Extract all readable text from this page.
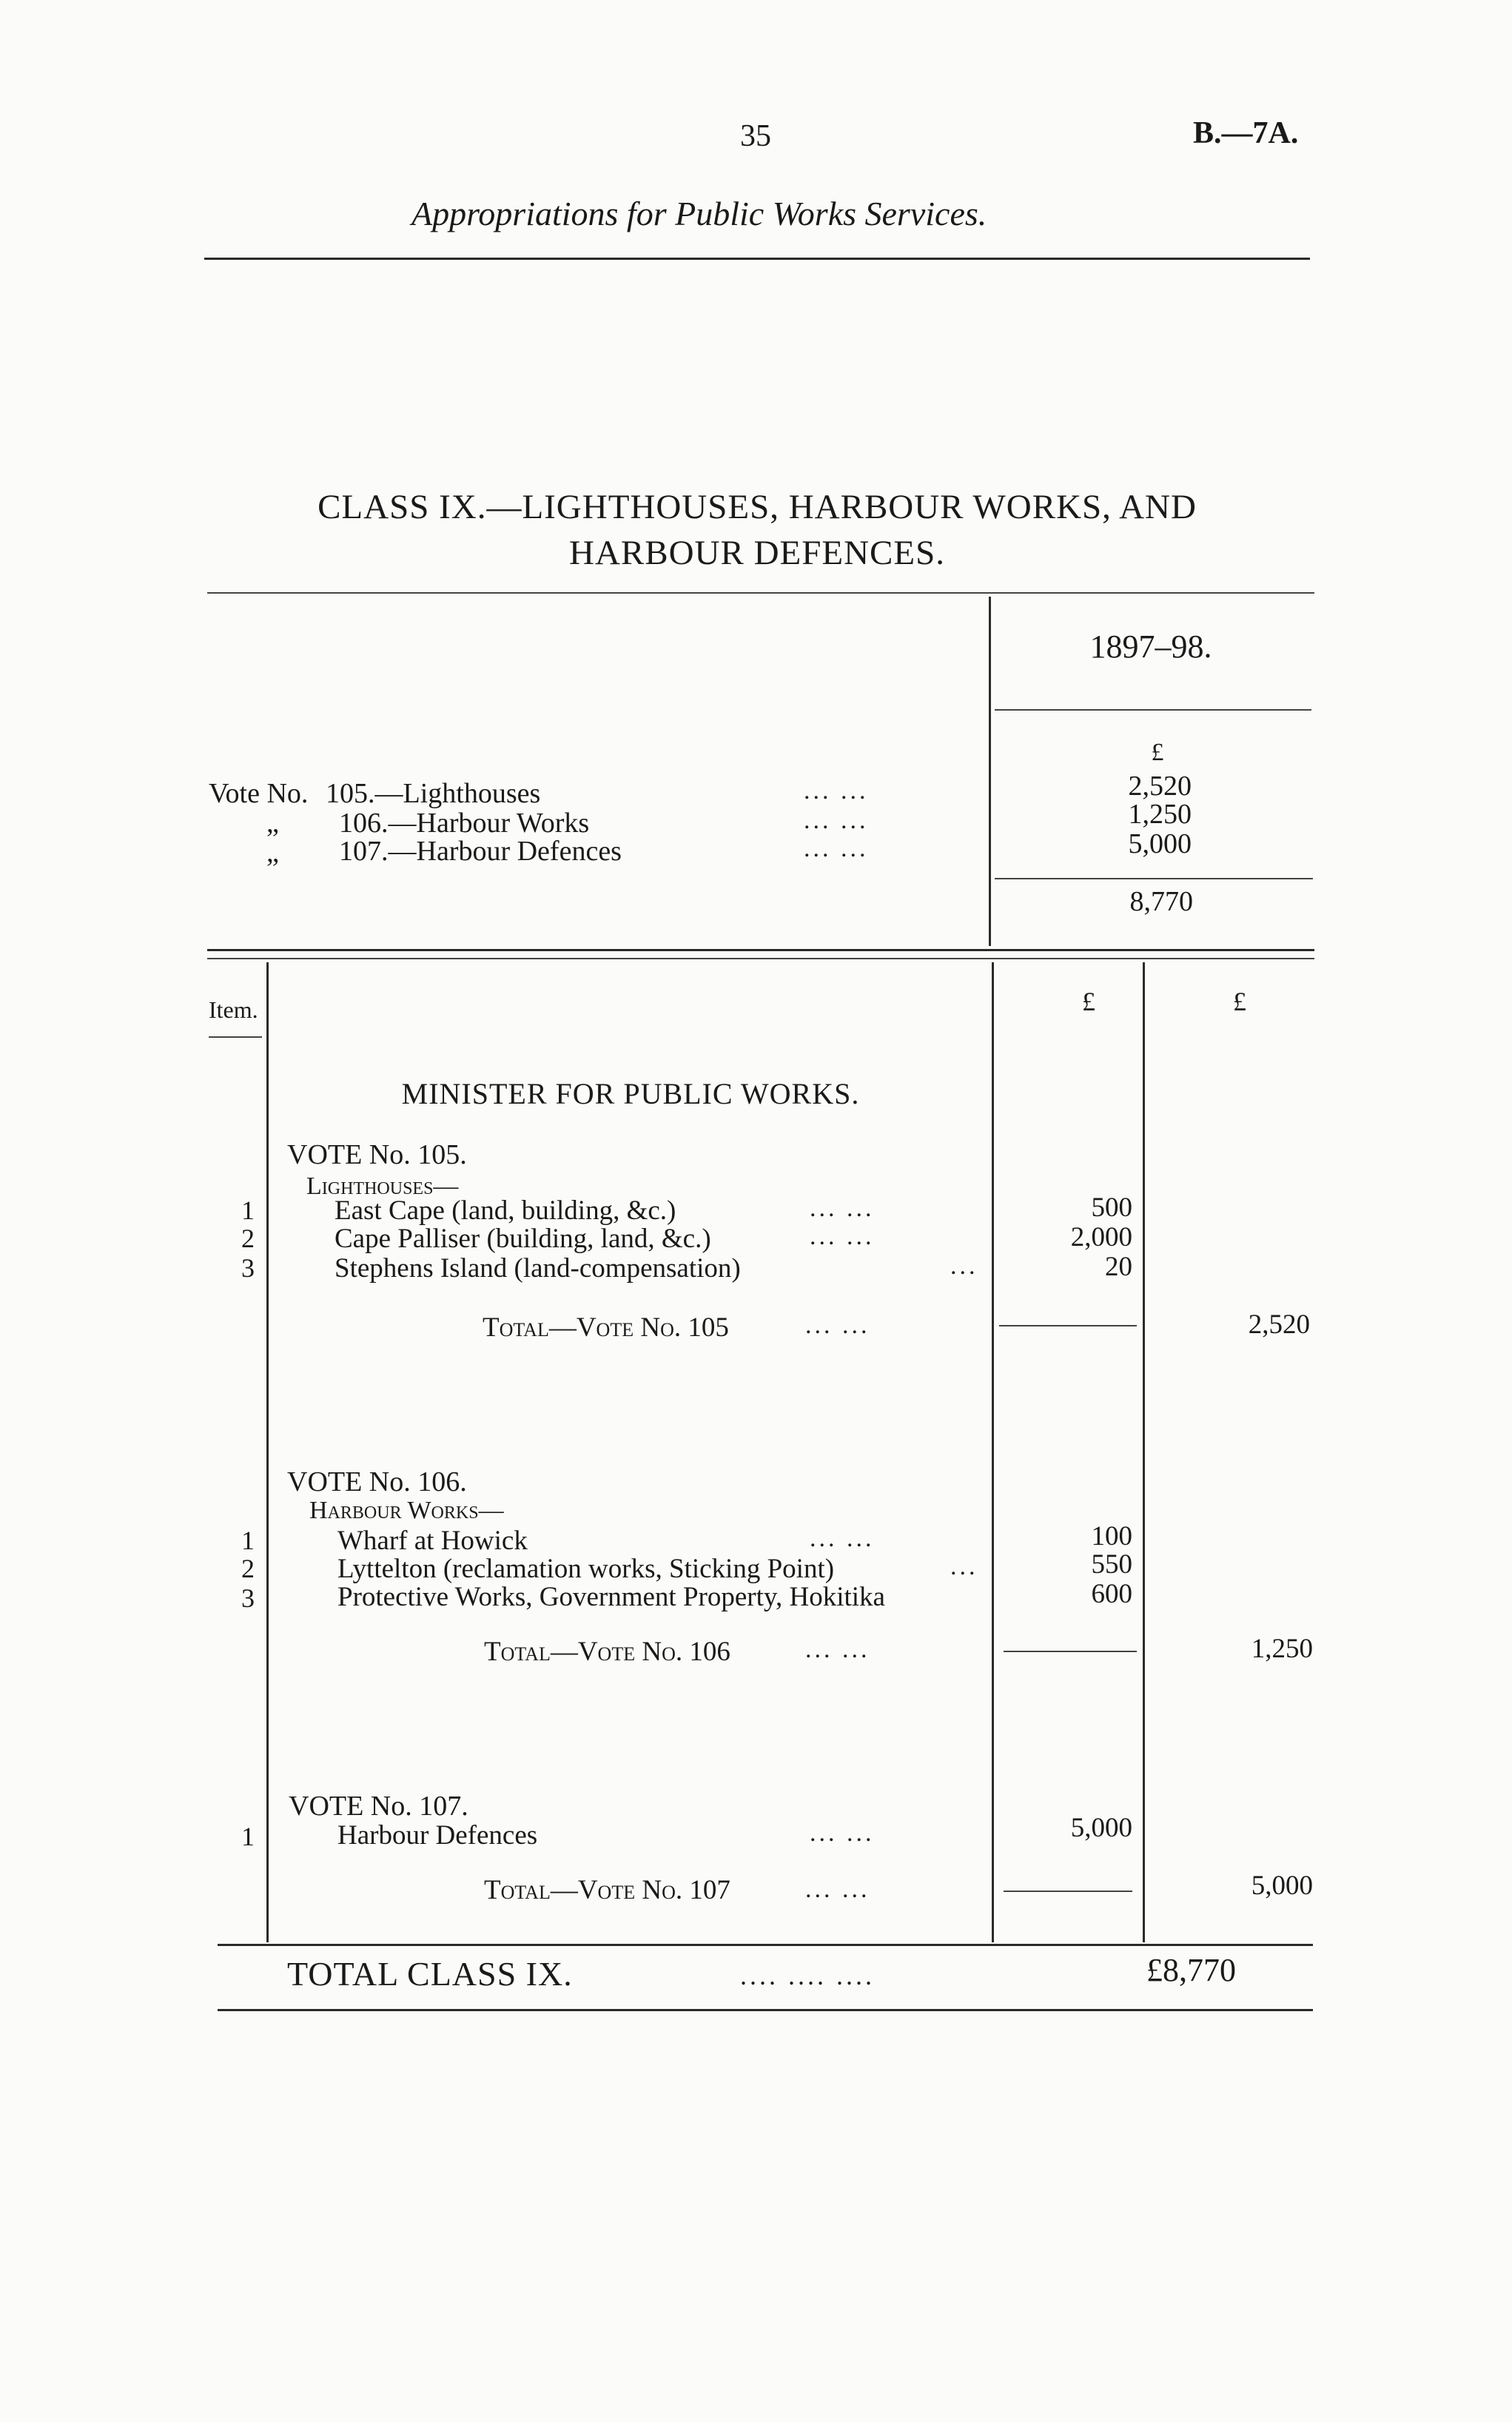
35	B.—7A.
Appropriations for Public Works Services.
CLASS IX.—LIGHTHOUSES, HARBOUR WORKS, AND
HARBOUR DEFENCES.
1897–98.
£
Vote No. 105.—Lighthouses	... ...	2,520
„ 106.—Harbour Works	... ...	1,250
„ 107.—Harbour Defences	... ...	5,000
8,770
Item.	£	£
MINISTER FOR PUBLIC WORKS.
VOTE No. 105.
Lighthouses—
1	East Cape (land, building, &c.)	... ...	500
2	Cape Palliser (building, land, &c.)	... ...	2,000
3	Stephens Island (land-compensation)	...	20
Total—Vote No. 105	... ...	2,520
VOTE No. 106.
Harbour Works—
1	Wharf at Howick	... ...	100
2	Lyttelton (reclamation works, Sticking Point)	...	550
3	Protective Works, Government Property, Hokitika	600
Total—Vote No. 106	... ...	1,250
VOTE No. 107.
1	Harbour Defences	... ...	5,000
Total—Vote No. 107	... ...	5,000
TOTAL CLASS IX.	.... .... ....	£8,770
